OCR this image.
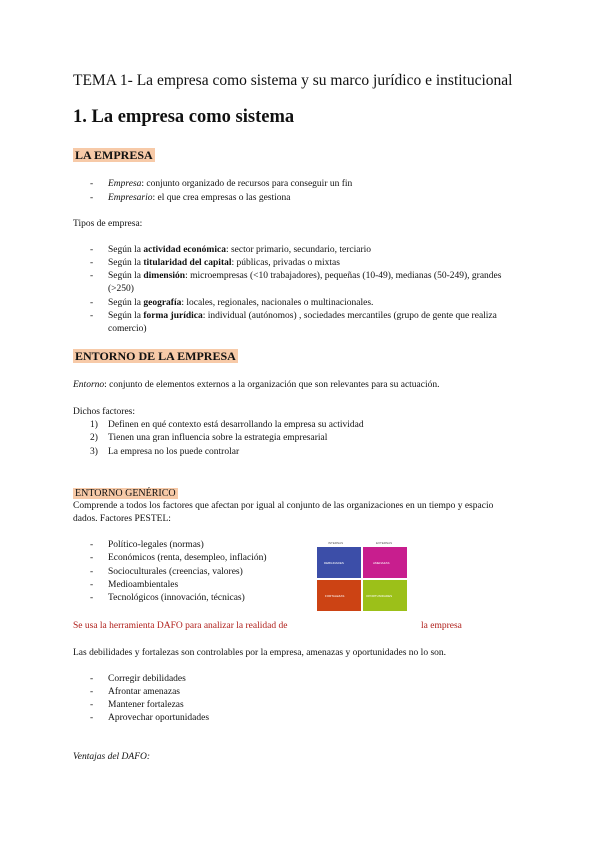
TEMA 1- La empresa como sistema y su marco jurídico e institucional
1. La empresa como sistema
LA EMPRESA
- Empresa: conjunto organizado de recursos para conseguir un fin
- Empresario: el que crea empresas o las gestiona
Tipos de empresa:
- Según la actividad económica: sector primario, secundario, terciario
- Según la titularidad del capital: públicas, privadas o mixtas
- Según la dimensión: microempresas (<10 trabajadores), pequeñas (10-49), medianas (50-249), grandes
(>250)
- Según la geografía: locales, regionales, nacionales o multinacionales.
- Según la forma jurídica: individual (autónomos) , sociedades mercantiles (grupo de gente que realiza
comercio)
ENTORNO DE LA EMPRESA
Entorno: conjunto de elementos externos a la organización que son relevantes para su actuación.
Dichos factores:
1) Definen en qué contexto está desarrollando la empresa su actividad
2) Tienen una gran influencia sobre la estrategia empresarial
3) La empresa no los puede controlar
ENTORNO GENÉRICO
Comprende a todos los factores que afectan por igual al conjunto de las organizaciones en un tiempo y espacio
dados. Factores PESTEL:
- Político-legales (normas)
- Económicos (renta, desempleo, inflación)
- Socioculturales (creencias, valores)
- Medioambientales
- Tecnológicos (innovación, técnicas)
INTERNAS	EXTERNAS
DEBILIDADES	AMENAZAS
FORTALEZAS	OPORTUNIDADES
Se usa la herramienta DAFO para analizar la realidad de	la empresa
Las debilidades y fortalezas son controlables por la empresa, amenazas y oportunidades no lo son.
- Corregir debilidades
- Afrontar amenazas
- Mantener fortalezas
- Aprovechar oportunidades
Ventajas del DAFO:
